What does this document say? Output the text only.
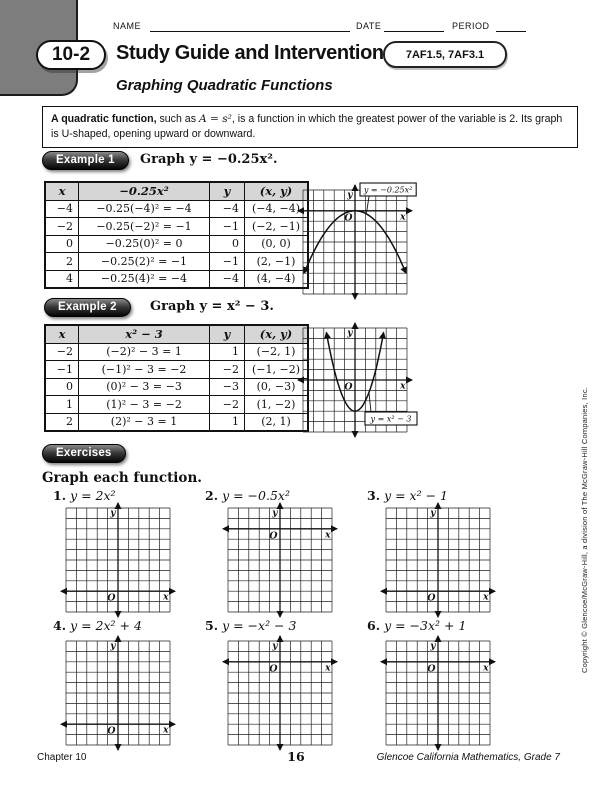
NAME	DATE	PERIOD
10-2	Study Guide and Intervention	7AF1.5, 7AF3.1
Graphing Quadratic Functions
A quadratic function, such as A = s², is a function in which the greatest power of the variable is 2. Its graph is U-shaped, opening upward or downward.
Example 1	Graph y = −0.25x².
x	−0.25x²	y	(x, y)
−4	−0.25(−4)² = −4	−4	(−4, −4)
−2	−0.25(−2)² = −1	−1	(−2, −1)
0	−0.25(0)² = 0	0	(0, 0)
2	−0.25(2)² = −1	−1	(2, −1)
4	−0.25(4)² = −4	−4	(4, −4)
y
x
O
y = −0.25x²
Example 2	Graph y = x² − 3.
x	x² − 3	y	(x, y)
−2	(−2)² − 3 = 1	1	(−2, 1)
−1	(−1)² − 3 = −2	−2	(−1, −2)
0	(0)² − 3 = −3	−3	(0, −3)
1	(1)² − 3 = −2	−2	(1, −2)
2	(2)² − 3 = 1	1	(2, 1)
y
x
O
y = x² − 3
Exercises
Graph each function.
1. y = 2x²	2. y = −0.5x²	3. y = x² − 1
y
x
O
y
x
O
y
x
O
4. y = 2x² + 4	5. y = −x² − 3	6. y = −3x² + 1
y
x
O
y
x
O
y
x
O
Chapter 10	16	Glencoe California Mathematics, Grade 7
Copyright © Glencoe/McGraw-Hill, a division of The McGraw-Hill Companies, Inc.
